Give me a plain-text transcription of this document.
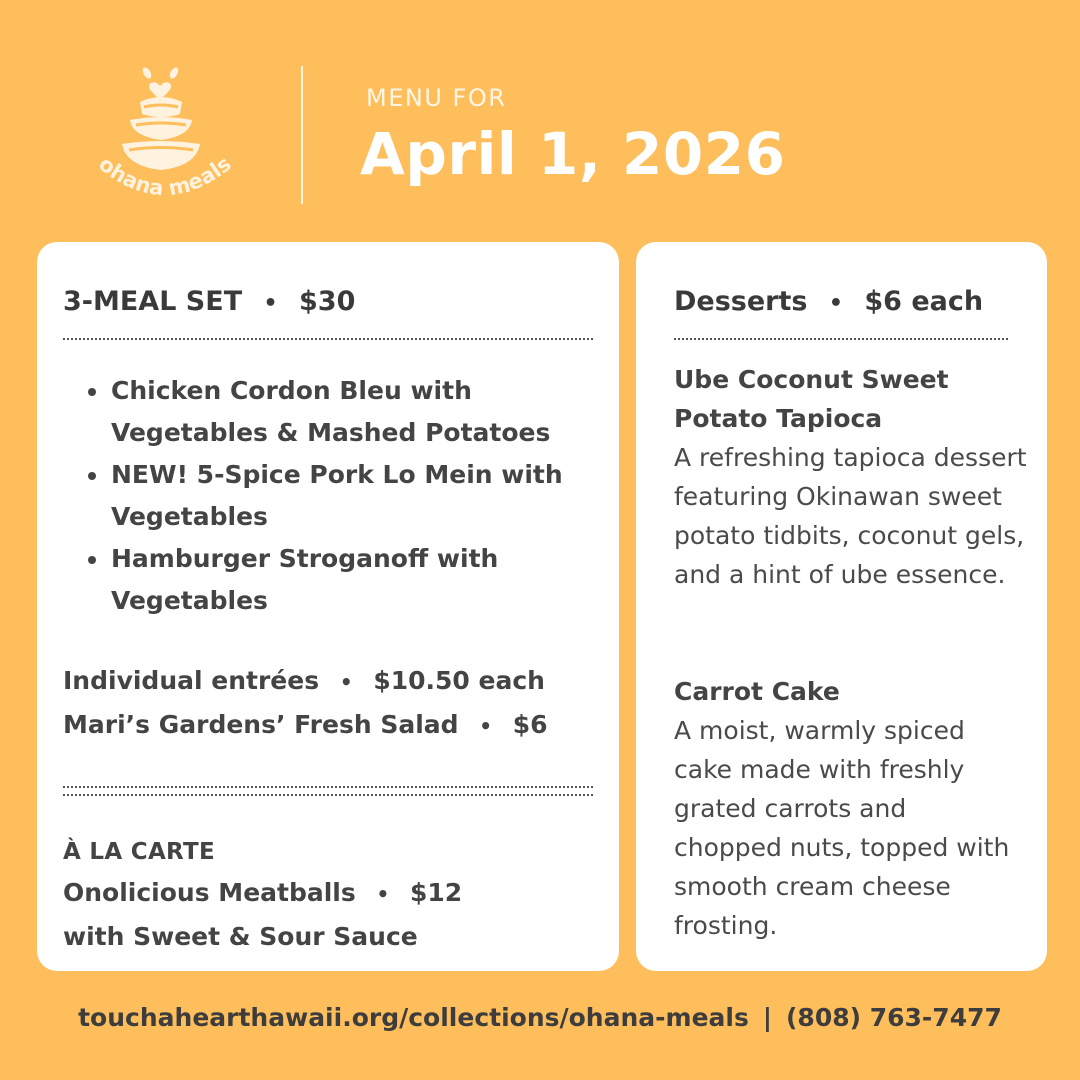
ohana meals
MENU FOR
April 1, 2026
3-MEAL SET • $30
Chicken Cordon Bleu with Vegetables & Mashed Potatoes
NEW! 5-Spice Pork Lo Mein with Vegetables
Hamburger Stroganoff with Vegetables
Individual entrées • $10.50 each
Mari’s Gardens’ Fresh Salad • $6
À LA CARTE
Onolicious Meatballs • $12
with Sweet & Sour Sauce
Desserts • $6 each
Ube Coconut Sweet Potato Tapioca
A refreshing tapioca dessert featuring Okinawan sweet potato tidbits, coconut gels, and a hint of ube essence.
Carrot Cake
A moist, warmly spiced cake made with freshly grated carrots and chopped nuts, topped with smooth cream cheese frosting.
touchahearthawaii.org/collections/ohana-meals | (808) 763-7477
